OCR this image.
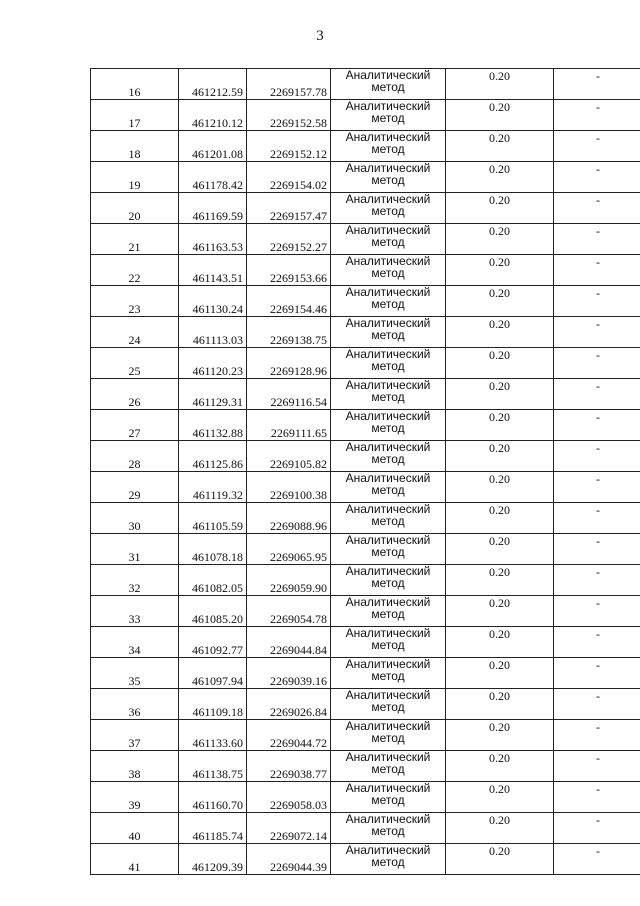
3
16	461212.59	2269157.78	Аналитический
метод	0.20	-
17	461210.12	2269152.58	Аналитический
метод	0.20	-
18	461201.08	2269152.12	Аналитический
метод	0.20	-
19	461178.42	2269154.02	Аналитический
метод	0.20	-
20	461169.59	2269157.47	Аналитический
метод	0.20	-
21	461163.53	2269152.27	Аналитический
метод	0.20	-
22	461143.51	2269153.66	Аналитический
метод	0.20	-
23	461130.24	2269154.46	Аналитический
метод	0.20	-
24	461113.03	2269138.75	Аналитический
метод	0.20	-
25	461120.23	2269128.96	Аналитический
метод	0.20	-
26	461129.31	2269116.54	Аналитический
метод	0.20	-
27	461132.88	2269111.65	Аналитический
метод	0.20	-
28	461125.86	2269105.82	Аналитический
метод	0.20	-
29	461119.32	2269100.38	Аналитический
метод	0.20	-
30	461105.59	2269088.96	Аналитический
метод	0.20	-
31	461078.18	2269065.95	Аналитический
метод	0.20	-
32	461082.05	2269059.90	Аналитический
метод	0.20	-
33	461085.20	2269054.78	Аналитический
метод	0.20	-
34	461092.77	2269044.84	Аналитический
метод	0.20	-
35	461097.94	2269039.16	Аналитический
метод	0.20	-
36	461109.18	2269026.84	Аналитический
метод	0.20	-
37	461133.60	2269044.72	Аналитический
метод	0.20	-
38	461138.75	2269038.77	Аналитический
метод	0.20	-
39	461160.70	2269058.03	Аналитический
метод	0.20	-
40	461185.74	2269072.14	Аналитический
метод	0.20	-
41	461209.39	2269044.39	Аналитический
метод	0.20	-
